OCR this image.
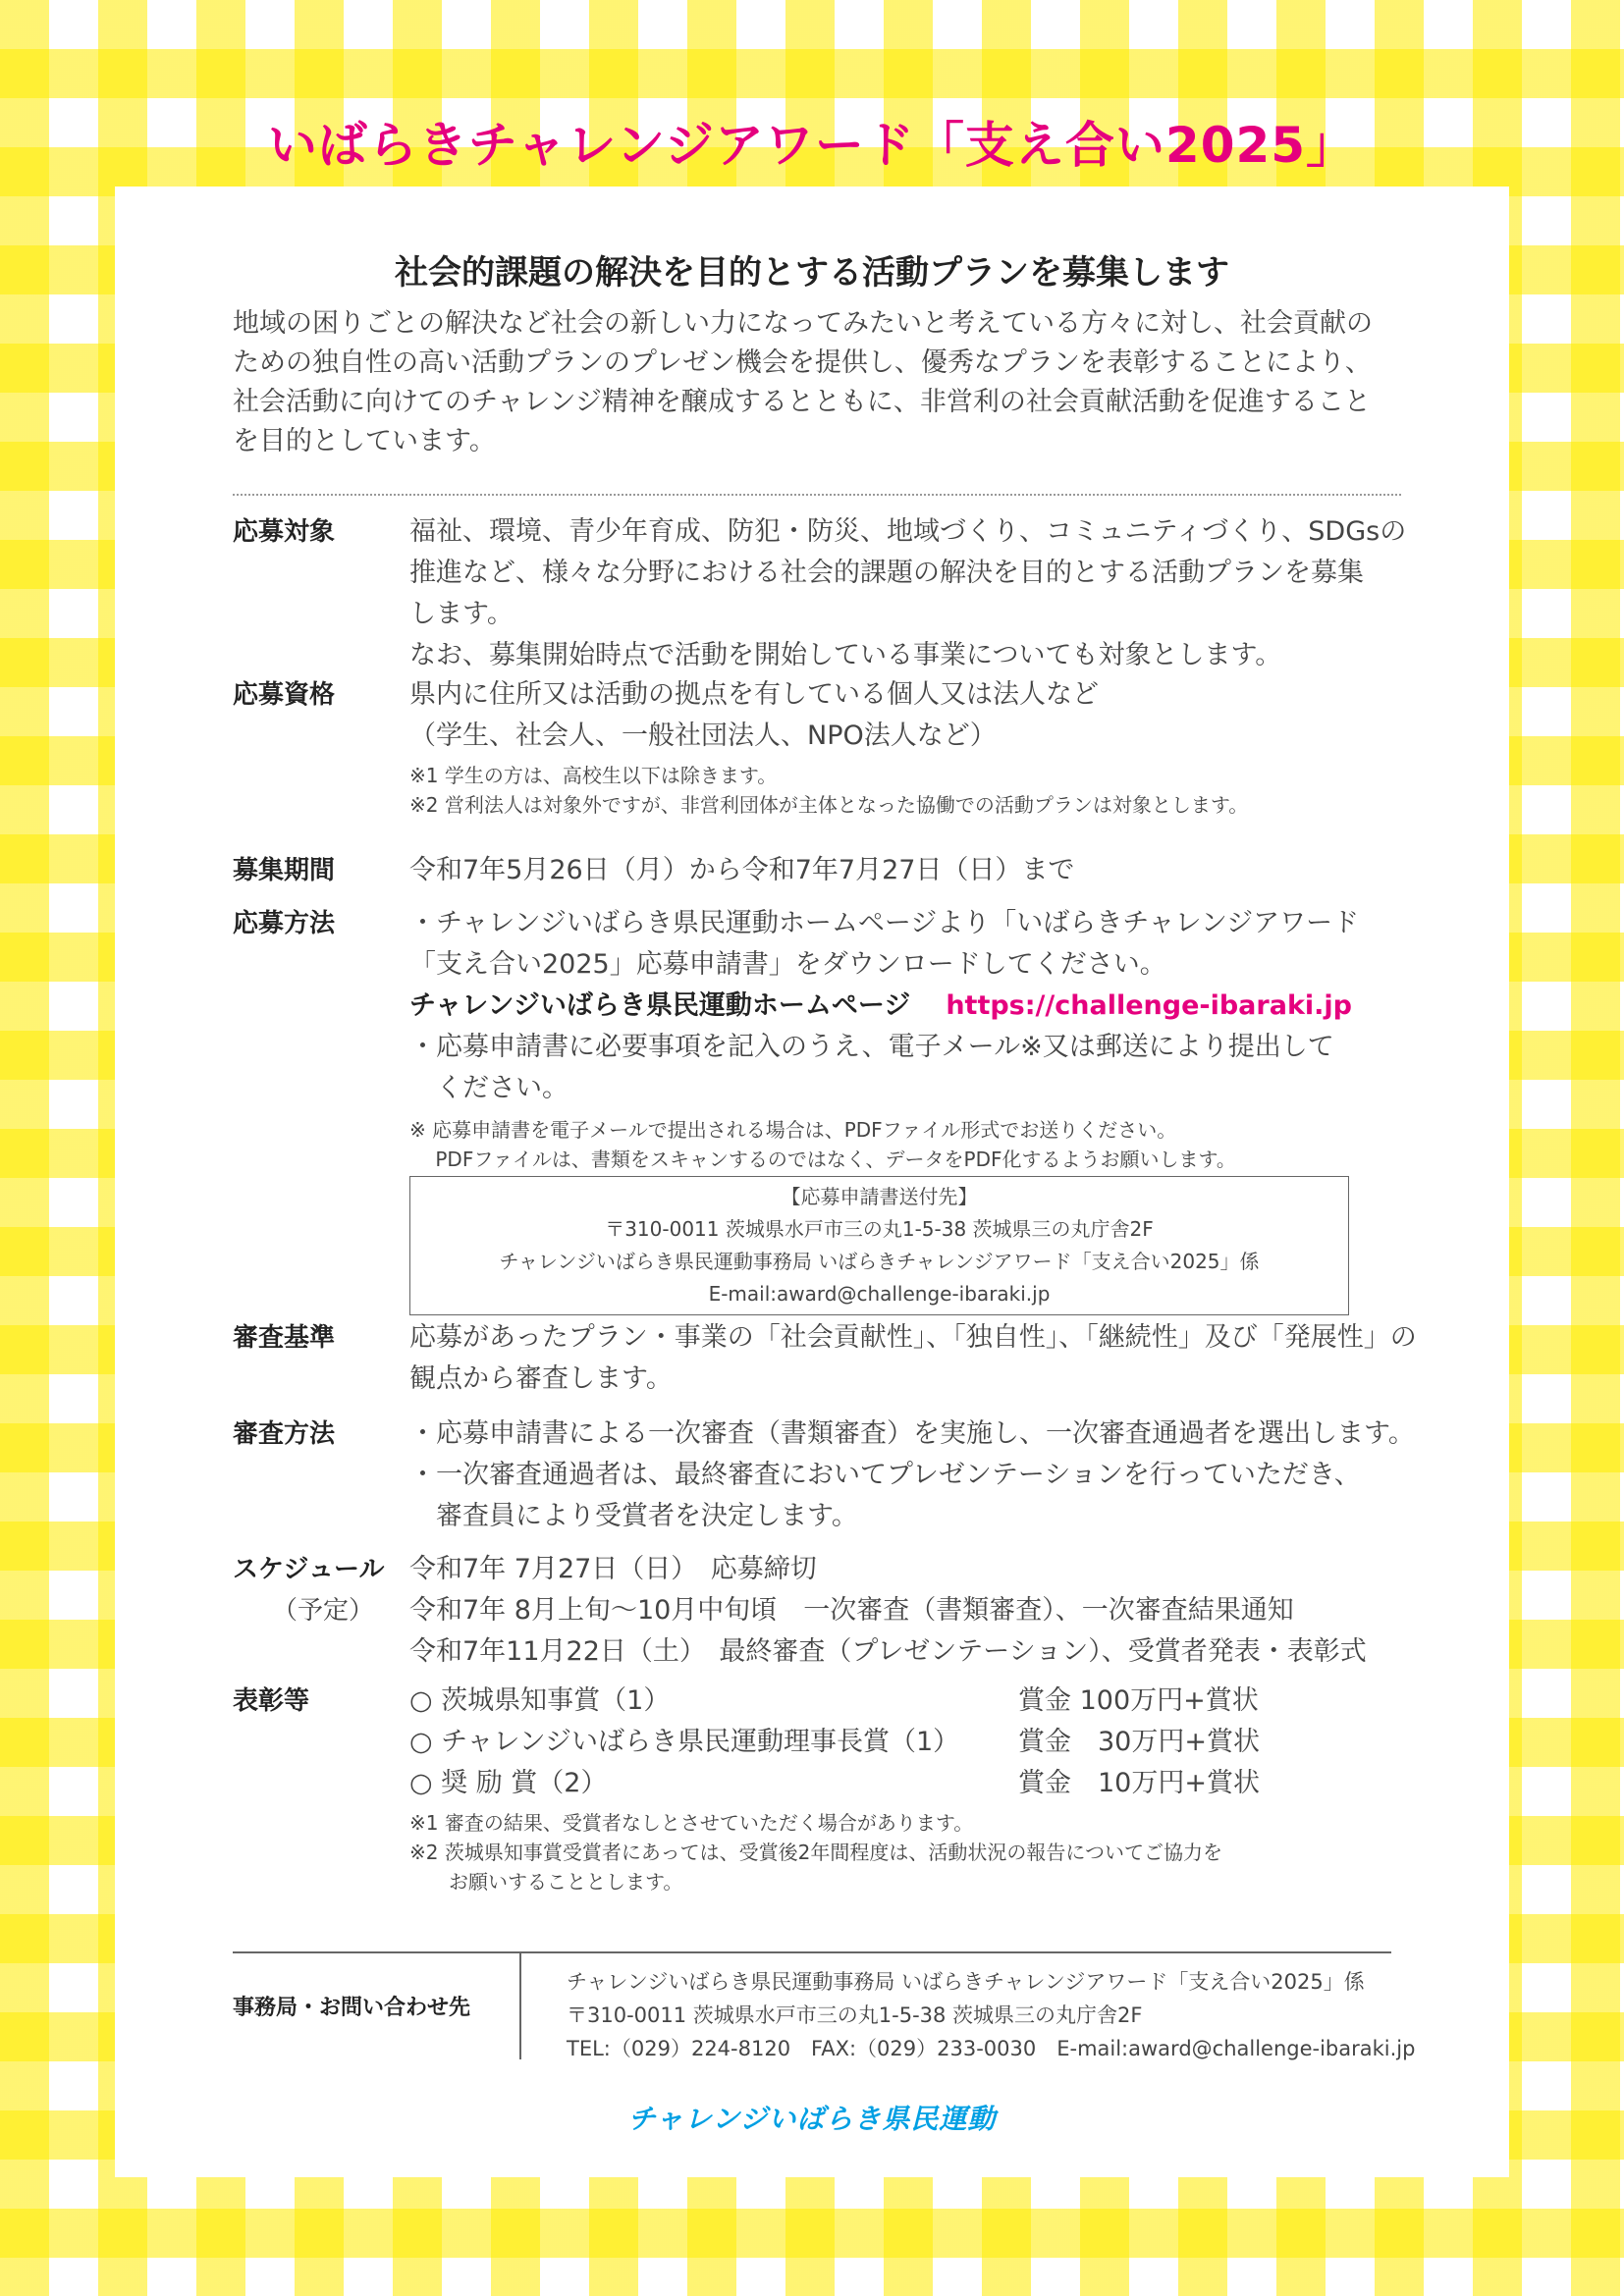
いばらきチャレンジアワード「支え合い2025」
社会的課題の解決を目的とする活動プランを募集します

地域の困りごとの解決など社会の新しい力になってみたいと考えている方々に対し、社会貢献の

ための独自性の高い活動プランのプレゼン機会を提供し、優秀なプランを表彰することにより、

社会活動に向けてのチャレンジ精神を醸成するとともに、非営利の社会貢献活動を促進すること

を目的としています。

応募対象	福祉、環境、青少年育成、防犯・防災、地域づくり、コミュニティづくり、SDGsの

推進など、様々な分野における社会的課題の解決を目的とする活動プランを募集

します。

なお、募集開始時点で活動を開始している事業についても対象とします。

応募資格	県内に住所又は活動の拠点を有している個人又は法人など

（学生、社会人、一般社団法人、NPO法人など）

※1 学生の方は、高校生以下は除きます。

※2 営利法人は対象外ですが、非営利団体が主体となった協働での活動プランは対象とします。

募集期間	令和7年5月26日（月）から令和7年7月27日（日）まで

応募方法	・チャレンジいばらき県民運動ホームページより「いばらきチャレンジアワード

「支え合い2025」応募申請書」をダウンロードしてください。

チャレンジいばらき県民運動ホームページ https://challenge-ibaraki.jp

・応募申請書に必要事項を記入のうえ、電子メール※又は郵送により提出して

　ください。

※ 応募申請書を電子メールで提出される場合は、PDFファイル形式でお送りください。

　 PDFファイルは、書類をスキャンするのではなく、データをPDF化するようお願いします。

【応募申請書送付先】

〒310-0011 茨城県水戸市三の丸1-5-38 茨城県三の丸庁舎2F

チャレンジいばらき県民運動事務局 いばらきチャレンジアワード「支え合い2025」係

E-mail:award@challenge-ibaraki.jp

審査基準	応募があったプラン・事業の「社会貢献性」、「独自性」、「継続性」及び「発展性」の

観点から審査します。

審査方法	・応募申請書による一次審査（書類審査）を実施し、一次審査通過者を選出します。

・一次審査通過者は、最終審査においてプレゼンテーションを行っていただき、

　審査員により受賞者を決定します。

スケジュール
（予定）

令和7年 7月27日（日）　応募締切

令和7年 8月上旬～10月中旬頃　一次審査（書類審査）、一次審査結果通知

令和7年11月22日（土）　最終審査（プレゼンテーション）、受賞者発表・表彰式

表彰等	○ 茨城県知事賞（1）	賞金 100万円+賞状
○ チャレンジいばらき県民運動理事長賞（1）	賞金　30万円+賞状
○ 奨 励 賞（2）	賞金　10万円+賞状

※1 審査の結果、受賞者なしとさせていただく場合があります。

※2 茨城県知事賞受賞者にあっては、受賞後2年間程度は、活動状況の報告についてご協力を

　　お願いすることとします。

事務局・お問い合わせ先

チャレンジいばらき県民運動事務局 いばらきチャレンジアワード「支え合い2025」係

〒310-0011 茨城県水戸市三の丸1-5-38 茨城県三の丸庁舎2F

TEL:（029）224-8120　FAX:（029）233-0030　E-mail:award@challenge-ibaraki.jp

チャレンジいばらき県民運動
